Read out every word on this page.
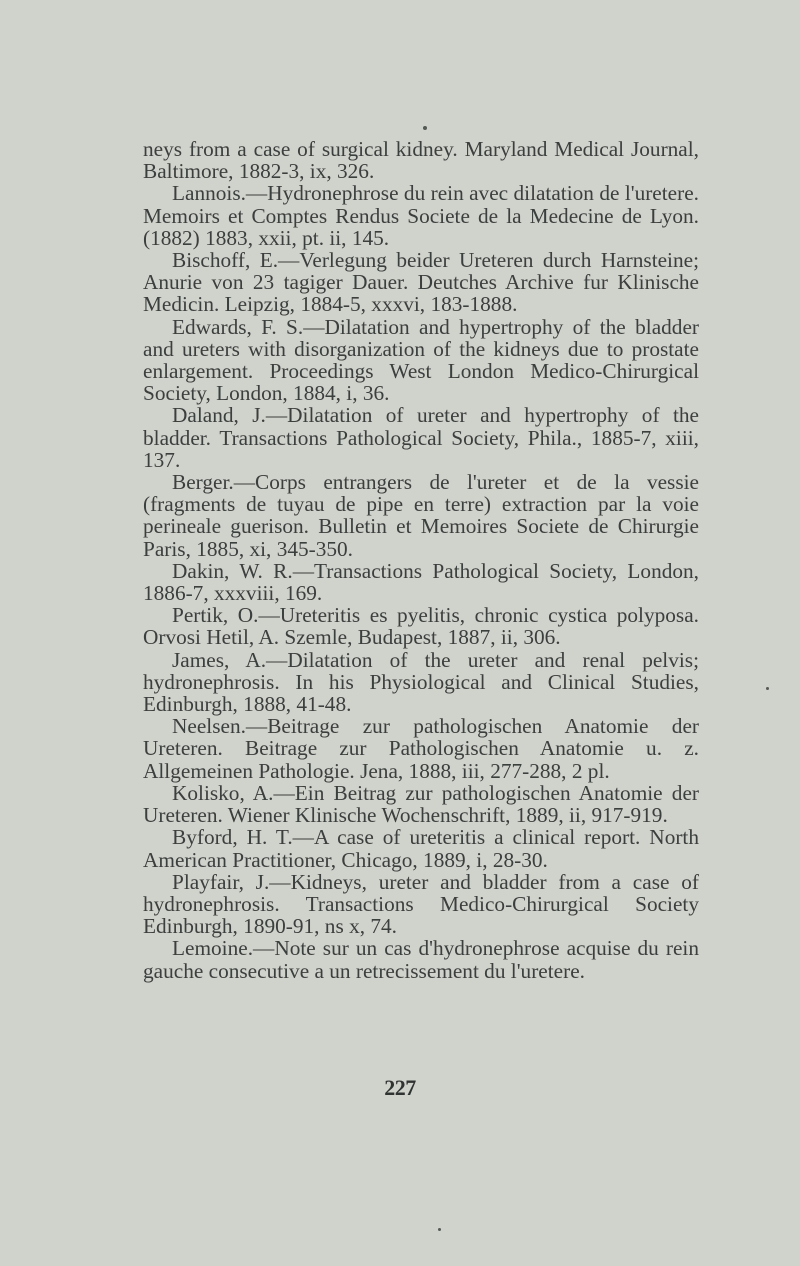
neys from a case of surgical kidney. Maryland Medical Journal, Baltimore, 1882-3, ix, 326.

Lannois.—Hydronephrose du rein avec dilatation de l'uretere. Memoirs et Comptes Rendus Societe de la Medecine de Lyon. (1882) 1883, xxii, pt. ii, 145.

Bischoff, E.—Verlegung beider Ureteren durch Harnsteine; Anurie von 23 tagiger Dauer. Deutches Archive fur Klinische Medicin. Leipzig, 1884-5, xxxvi, 183-1888.

Edwards, F. S.—Dilatation and hypertrophy of the bladder and ureters with disorganization of the kidneys due to prostate enlargement. Proceedings West London Medico-Chirurgical Society, London, 1884, i, 36.

Daland, J.—Dilatation of ureter and hypertrophy of the bladder. Transactions Pathological Society, Phila., 1885-7, xiii, 137.

Berger.—Corps entrangers de l'ureter et de la vessie (fragments de tuyau de pipe en terre) extraction par la voie perineale guerison. Bulletin et Memoires Societe de Chirurgie Paris, 1885, xi, 345-350.

Dakin, W. R.—Transactions Pathological Society, London, 1886-7, xxxviii, 169.

Pertik, O.—Ureteritis es pyelitis, chronic cystica polyposa. Orvosi Hetil, A. Szemle, Budapest, 1887, ii, 306.

James, A.—Dilatation of the ureter and renal pelvis; hydronephrosis. In his Physiological and Clinical Studies, Edinburgh, 1888, 41-48.

Neelsen.—Beitrage zur pathologischen Anatomie der Ureteren. Beitrage zur Pathologischen Anatomie u. z. Allgemeinen Pathologie. Jena, 1888, iii, 277-288, 2 pl.

Kolisko, A.—Ein Beitrag zur pathologischen Anatomie der Ureteren. Wiener Klinische Wochenschrift, 1889, ii, 917-919.

Byford, H. T.—A case of ureteritis a clinical report. North American Practitioner, Chicago, 1889, i, 28-30.

Playfair, J.—Kidneys, ureter and bladder from a case of hydronephrosis. Transactions Medico-Chirurgical Society Edinburgh, 1890-91, ns x, 74.

Lemoine.—Note sur un cas d'hydronephrose acquise du rein gauche consecutive a un retrecissement du l'uretere.

227
